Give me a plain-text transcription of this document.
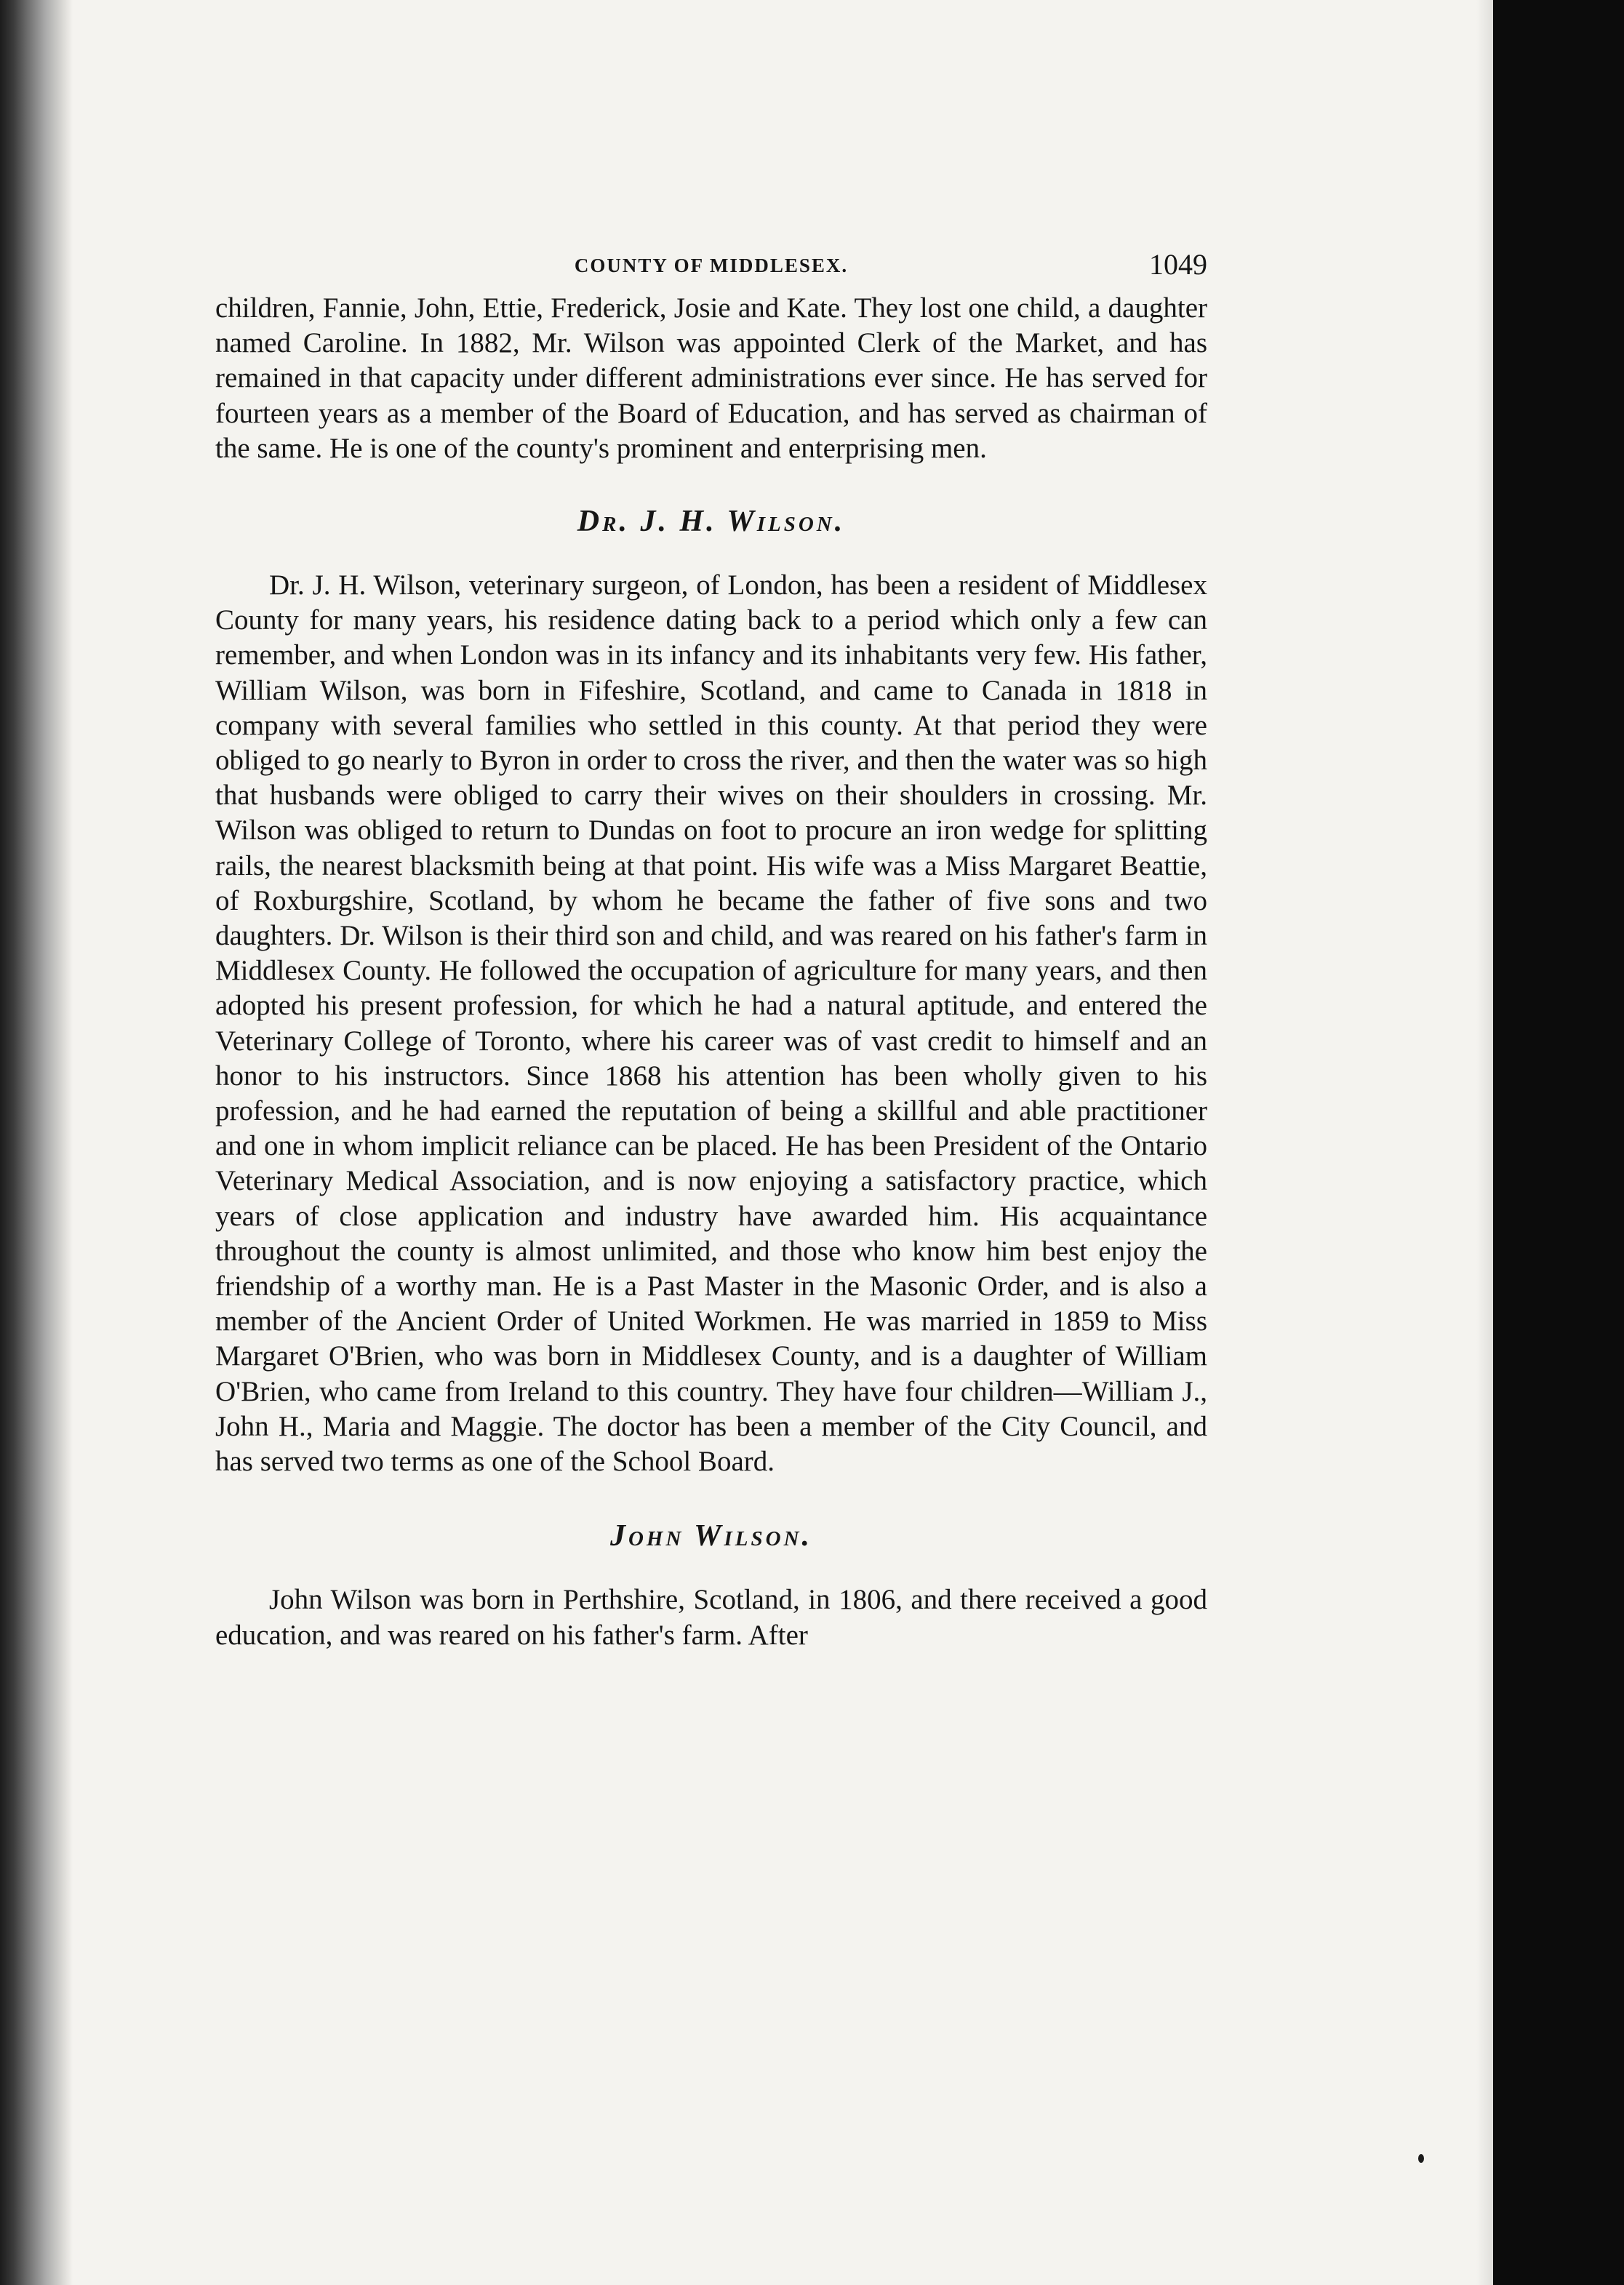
COUNTY OF MIDDLESEX.	1049

children, Fannie, John, Ettie, Frederick, Josie and Kate. They lost one child, a daughter named Caroline. In 1882, Mr. Wilson was appointed Clerk of the Market, and has remained in that capacity under different administrations ever since. He has served for fourteen years as a member of the Board of Education, and has served as chairman of the same. He is one of the county's prominent and enterprising men.

Dr. J. H. Wilson.

Dr. J. H. Wilson, veterinary surgeon, of London, has been a resident of Middlesex County for many years, his residence dating back to a period which only a few can remember, and when London was in its infancy and its inhabitants very few. His father, William Wilson, was born in Fifeshire, Scotland, and came to Canada in 1818 in company with several families who settled in this county. At that period they were obliged to go nearly to Byron in order to cross the river, and then the water was so high that husbands were obliged to carry their wives on their shoulders in crossing. Mr. Wilson was obliged to return to Dundas on foot to procure an iron wedge for splitting rails, the nearest blacksmith being at that point. His wife was a Miss Margaret Beattie, of Roxburgshire, Scotland, by whom he became the father of five sons and two daughters. Dr. Wilson is their third son and child, and was reared on his father's farm in Middlesex County. He followed the occupation of agriculture for many years, and then adopted his present profession, for which he had a natural aptitude, and entered the Veterinary College of Toronto, where his career was of vast credit to himself and an honor to his instructors. Since 1868 his attention has been wholly given to his profession, and he had earned the reputation of being a skillful and able practitioner and one in whom implicit reliance can be placed. He has been President of the Ontario Veterinary Medical Association, and is now enjoying a satisfactory practice, which years of close application and industry have awarded him. His acquaintance throughout the county is almost unlimited, and those who know him best enjoy the friendship of a worthy man. He is a Past Master in the Masonic Order, and is also a member of the Ancient Order of United Workmen. He was married in 1859 to Miss Margaret O'Brien, who was born in Middlesex County, and is a daughter of William O'Brien, who came from Ireland to this country. They have four children—William J., John H., Maria and Maggie. The doctor has been a member of the City Council, and has served two terms as one of the School Board.

John Wilson.

John Wilson was born in Perthshire, Scotland, in 1806, and there received a good education, and was reared on his father's farm. After
